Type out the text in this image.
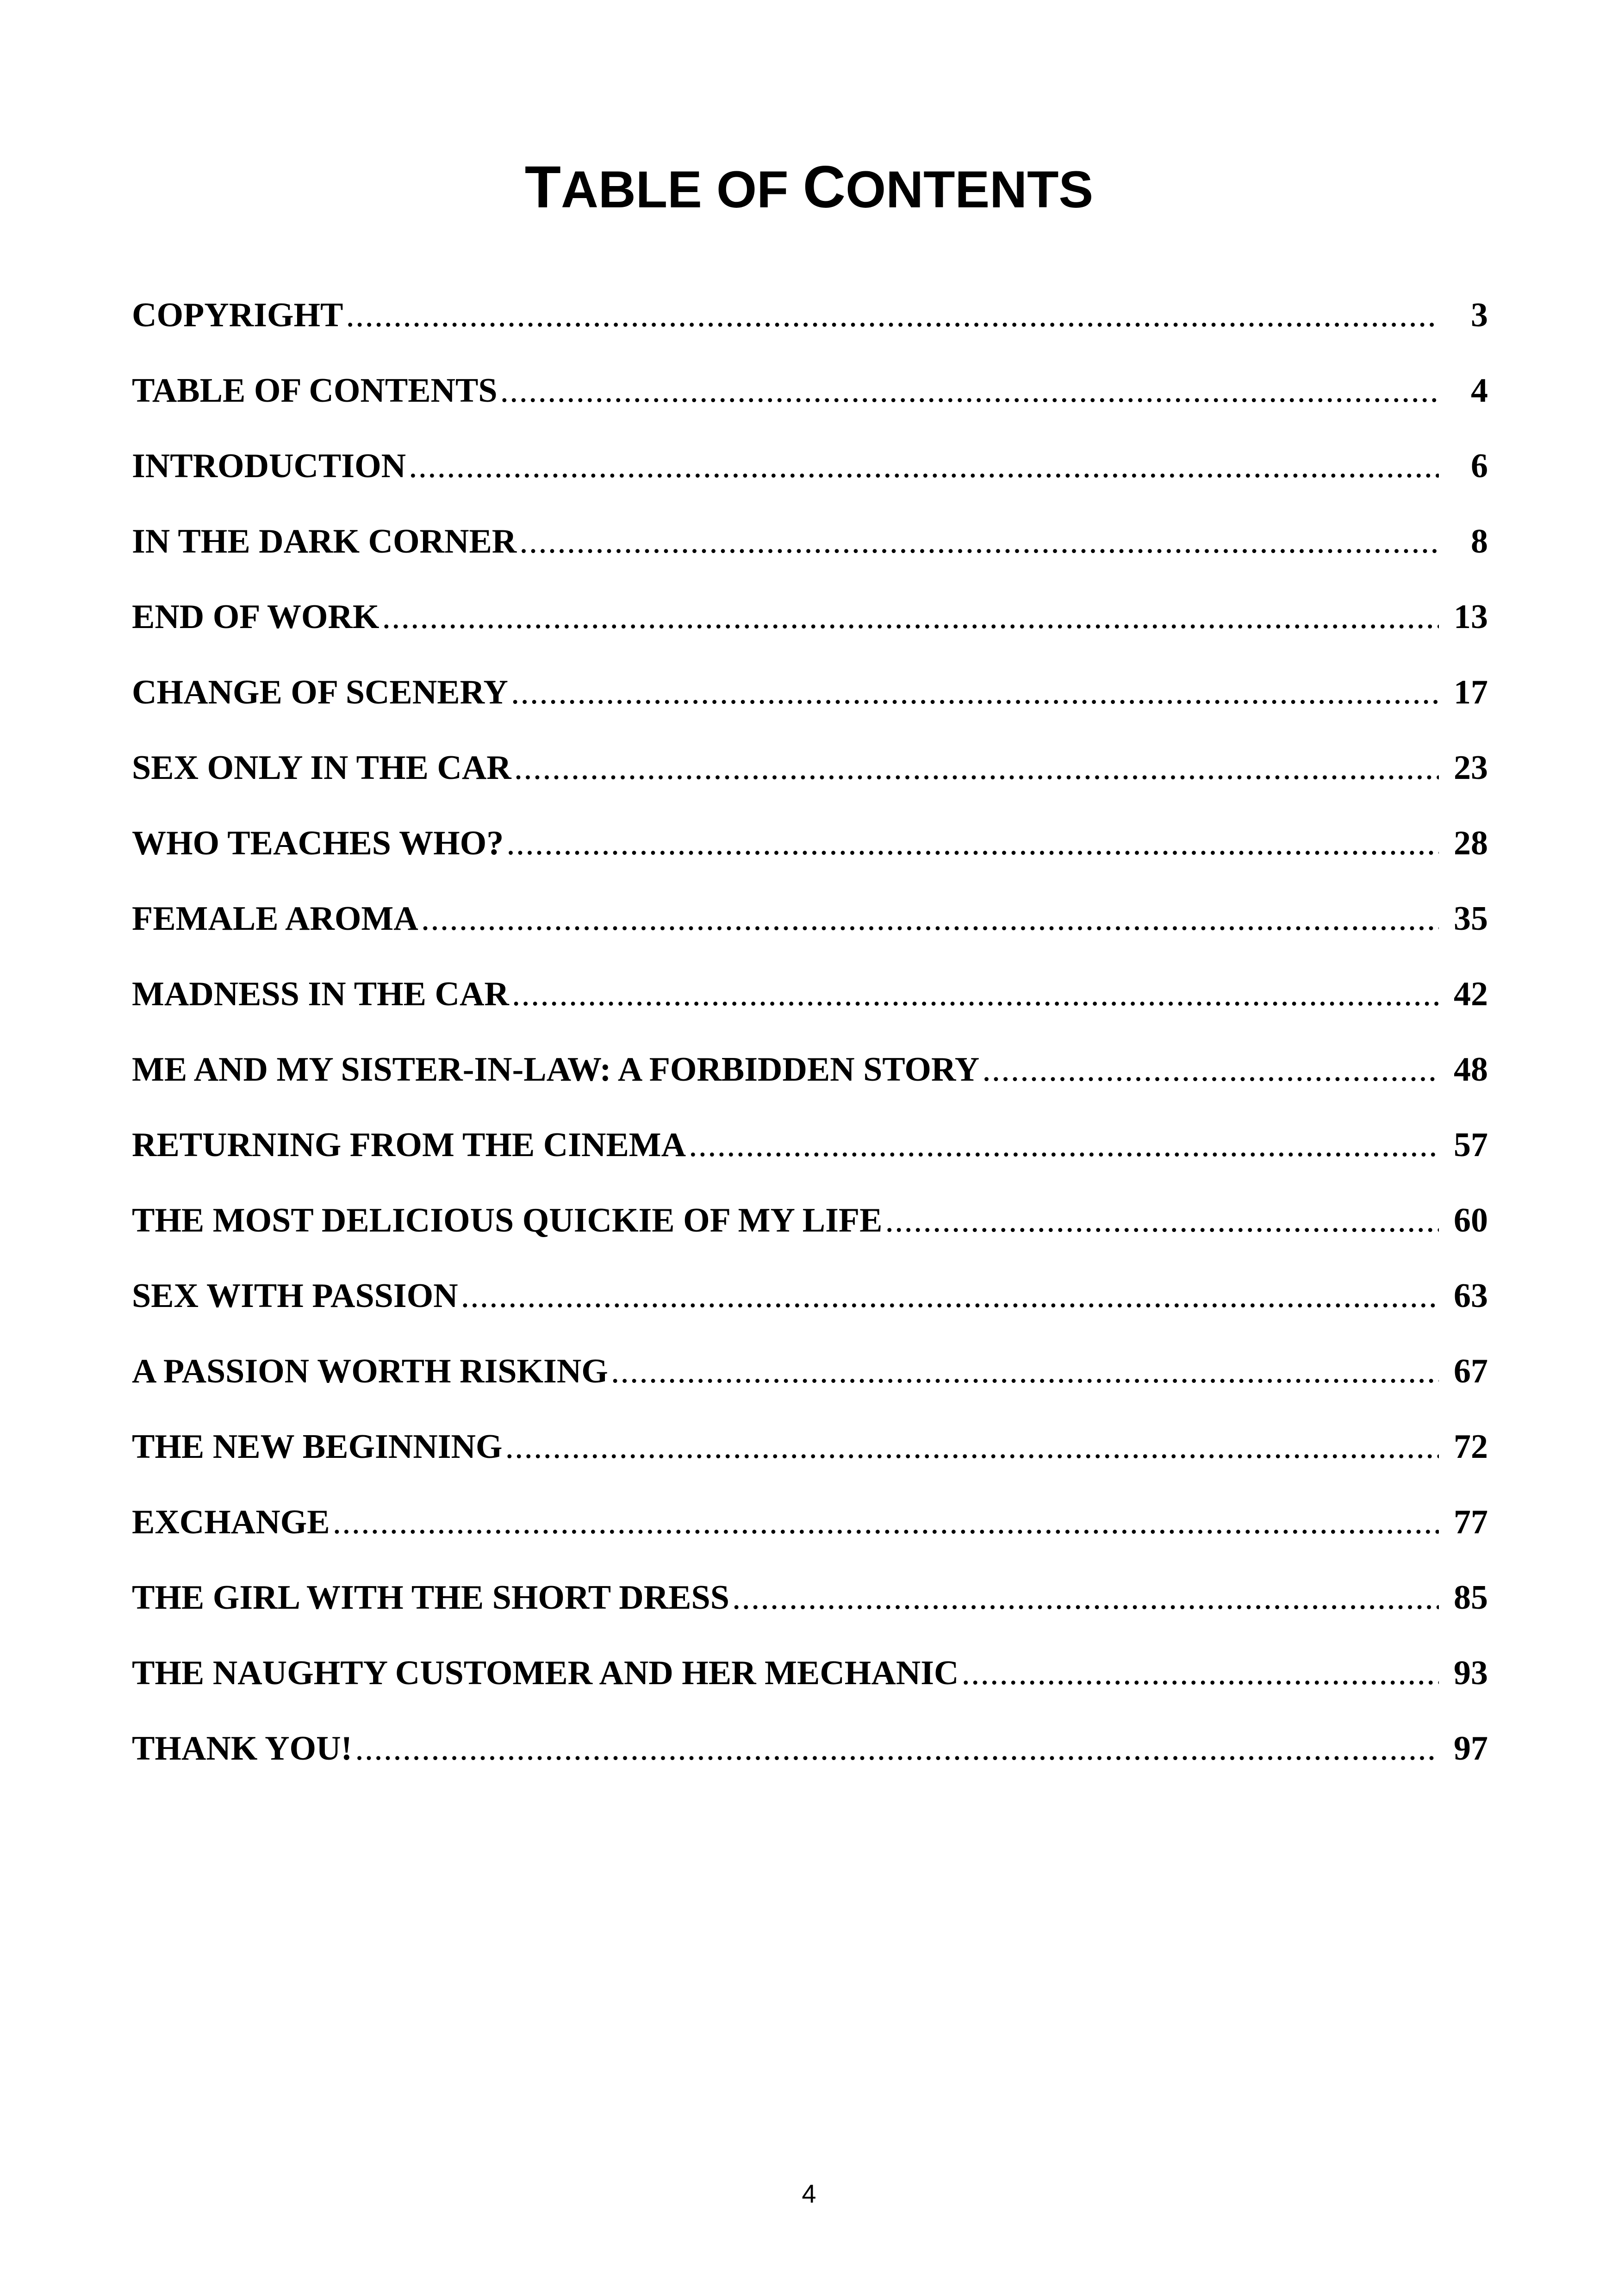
TABLE OF CONTENTS
COPYRIGHT .....	3
TABLE OF CONTENTS .....	4
INTRODUCTION .....	6
IN THE DARK CORNER .....	8
END OF WORK .....	13
CHANGE OF SCENERY .....	17
SEX ONLY IN THE CAR .....	23
WHO TEACHES WHO? .....	28
FEMALE AROMA .....	35
MADNESS IN THE CAR .....	42
ME AND MY SISTER-IN-LAW: A FORBIDDEN STORY .....	48
RETURNING FROM THE CINEMA .....	57
THE MOST DELICIOUS QUICKIE OF MY LIFE .....	60
SEX WITH PASSION .....	63
A PASSION WORTH RISKING .....	67
THE NEW BEGINNING .....	72
EXCHANGE .....	77
THE GIRL WITH THE SHORT DRESS .....	85
THE NAUGHTY CUSTOMER AND HER MECHANIC .....	93
THANK YOU! .....	97
4
